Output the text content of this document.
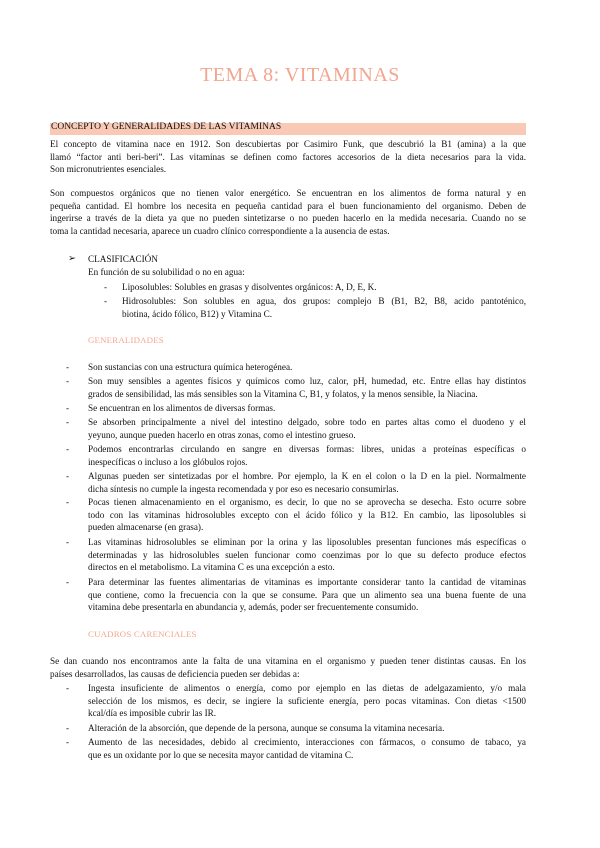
TEMA 8: VITAMINAS
CONCEPTO Y GENERALIDADES DE LAS VITAMINAS
El concepto de vitamina nace en 1912. Son descubiertas por Casimiro Funk, que descubrió la B1 (amina) a la que
llamó “factor anti beri-beri”. Las vitaminas se definen como factores accesorios de la dieta necesarios para la vida.
Son micronutrientes esenciales.
Son compuestos orgánicos que no tienen valor energético. Se encuentran en los alimentos de forma natural y en
pequeña cantidad. El hombre los necesita en pequeña cantidad para el buen funcionamiento del organismo. Deben de
ingerirse a través de la dieta ya que no pueden sintetizarse o no pueden hacerlo en la medida necesaria. Cuando no se
toma la cantidad necesaria, aparece un cuadro clínico correspondiente a la ausencia de estas.
➢ CLASIFICACIÓN
En función de su solubilidad o no en agua:
- Liposolubles: Solubles en grasas y disolventes orgánicos: A, D, E, K.
- Hidrosolubles: Son solubles en agua, dos grupos: complejo B (B1, B2, B8, acido pantoténico,
biotina, ácido fólico, B12) y Vitamina C.
GENERALIDADES
- Son sustancias con una estructura química heterogénea.
- Son muy sensibles a agentes físicos y químicos como luz, calor, pH, humedad, etc. Entre ellas hay distintos
grados de sensibilidad, las más sensibles son la Vitamina C, B1, y folatos, y la menos sensible, la Niacina.
- Se encuentran en los alimentos de diversas formas.
- Se absorben principalmente a nivel del intestino delgado, sobre todo en partes altas como el duodeno y el
yeyuno, aunque pueden hacerlo en otras zonas, como el intestino grueso.
- Podemos encontrarlas circulando en sangre en diversas formas: libres, unidas a proteínas específicas o
inespecíficas o incluso a los glóbulos rojos.
- Algunas pueden ser sintetizadas por el hombre. Por ejemplo, la K en el colon o la D en la piel. Normalmente
dicha síntesis no cumple la ingesta recomendada y por eso es necesario consumirlas.
- Pocas tienen almacenamiento en el organismo, es decir, lo que no se aprovecha se desecha. Esto ocurre sobre
todo con las vitaminas hidrosolubles excepto con el ácido fólico y la B12. En cambio, las liposolubles si
pueden almacenarse (en grasa).
- Las vitaminas hidrosolubles se eliminan por la orina y las liposolubles presentan funciones más específicas o
determinadas y las hidrosolubles suelen funcionar como coenzimas por lo que su defecto produce efectos
directos en el metabolismo. La vitamina C es una excepción a esto.
- Para determinar las fuentes alimentarias de vitaminas es importante considerar tanto la cantidad de vitaminas
que contiene, como la frecuencia con la que se consume. Para que un alimento sea una buena fuente de una
vitamina debe presentarla en abundancia y, además, poder ser frecuentemente consumido.
CUADROS CARENCIALES
Se dan cuando nos encontramos ante la falta de una vitamina en el organismo y pueden tener distintas causas. En los
países desarrollados, las causas de deficiencia pueden ser debidas a:
- Ingesta insuficiente de alimentos o energía, como por ejemplo en las dietas de adelgazamiento, y/o mala
selección de los mismos, es decir, se ingiere la suficiente energía, pero pocas vitaminas. Con dietas <1500
kcal/día es imposible cubrir las IR.
- Alteración de la absorción, que depende de la persona, aunque se consuma la vitamina necesaria.
- Aumento de las necesidades, debido al crecimiento, interacciones con fármacos, o consumo de tabaco, ya
que es un oxidante por lo que se necesita mayor cantidad de vitamina C.
